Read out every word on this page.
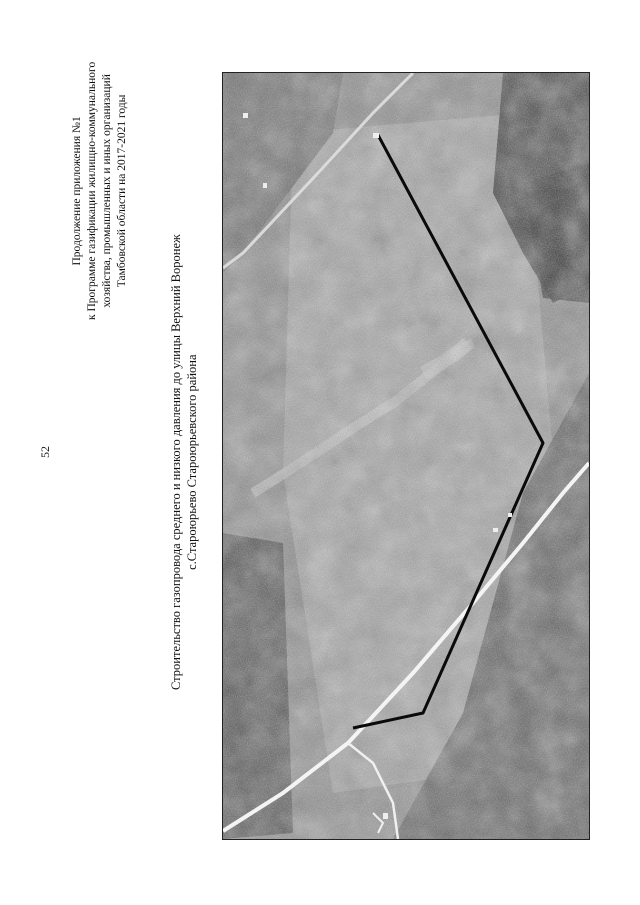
52
Продолжение приложения №1 к Программе газификации жилищно-коммунального хозяйства, промышленных и иных организаций Тамбовской области на 2017-2021 годы
Строительство газопровода среднего и низкого давления до улицы Верхний Воронеж с.Староюрьево Староюрьевского района
